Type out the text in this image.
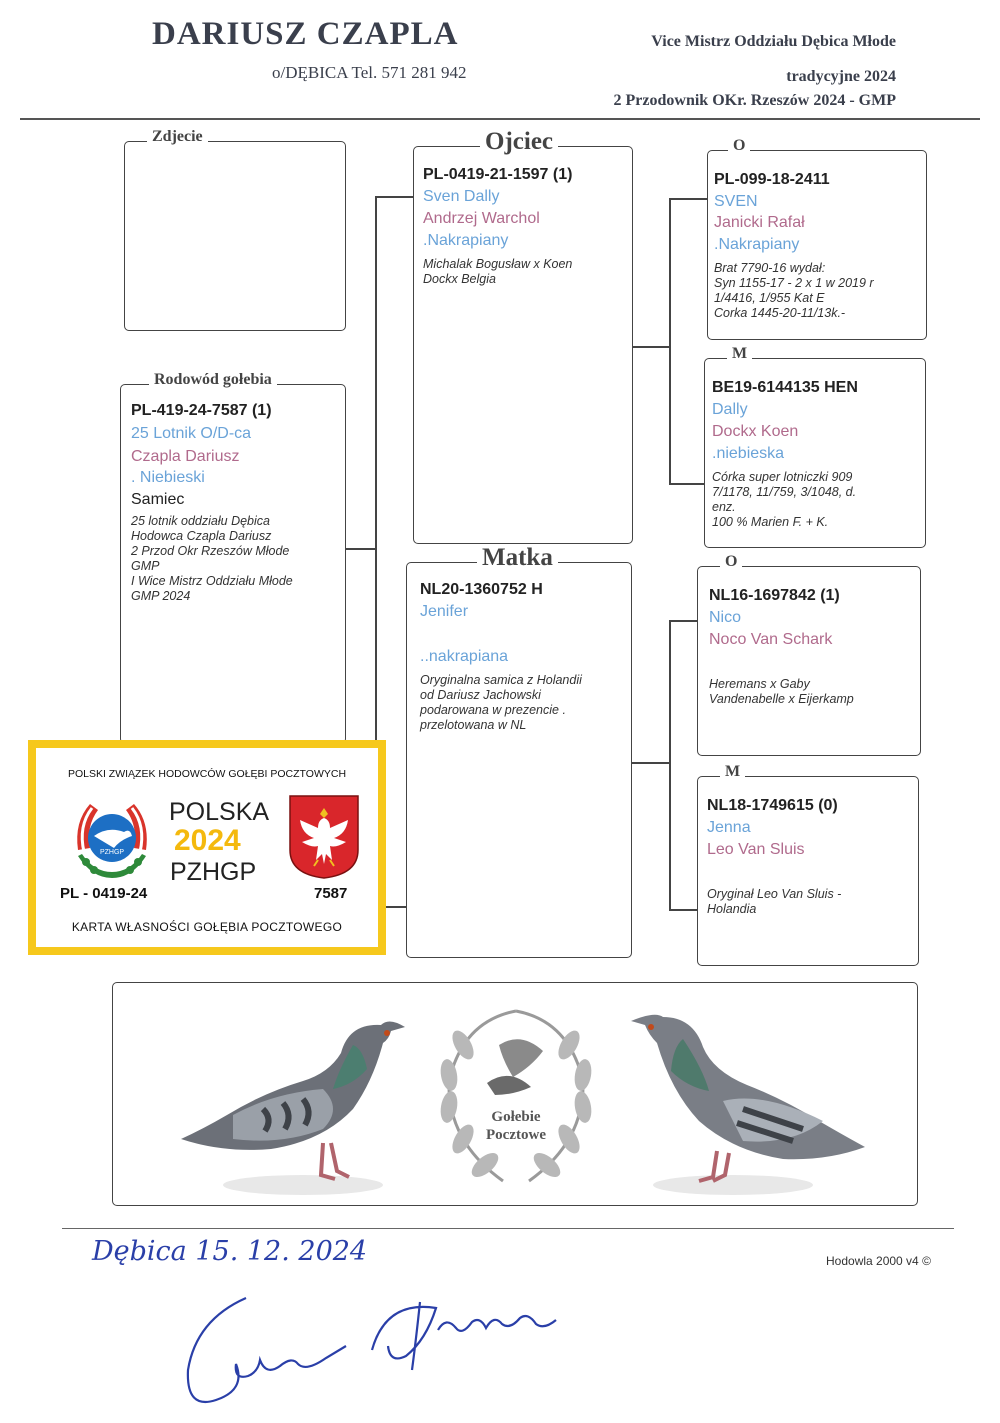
DARIUSZ CZAPLA
o/DĘBICA Tel. 571 281 942
Vice Mistrz Oddziału Dębica Młode
tradycyjne 2024
2 Przodownik OKr. Rzeszów 2024 - GMP
Zdjecie
Rodowód gołebia
PL-419-24-7587 (1)
25 Lotnik O/D-ca
Czapla Dariusz
. Niebieski
Samiec
25 lotnik oddziału Dębica
Hodowca Czapla Dariusz
2 Przod Okr Rzeszów Młode
GMP
I Wice Mistrz Oddziału Młode
GMP 2024
Ojciec
PL-0419-21-1597 (1)
Sven Dally
Andrzej Warchol
.Nakrapiany
Michalak Bogusław x Koen
Dockx Belgia
Matka
NL20-1360752 H
Jenifer
..nakrapiana
Oryginalna samica z Holandii
od Dariusz Jachowski
podarowana w prezencie .
przelotowana w NL
O
PL-099-18-2411
SVEN
Janicki Rafał
.Nakrapiany
Brat 7790-16 wydał:
Syn 1155-17 - 2 x 1 w 2019 r
1/4416, 1/955 Kat E
Corka 1445-20-11/13k.-
M
BE19-6144135 HEN
Dally
Dockx Koen
.niebieska
Córka super lotniczki 909
7/1178, 11/759, 3/1048, d.
enz.
100 % Marien F. + K.
O
NL16-1697842 (1)
Nico
Noco Van Schark
Heremans x Gaby
Vandenabelle x Eijerkamp
M
NL18-1749615 (0)
Jenna
Leo Van Sluis
Oryginał Leo Van Sluis -
Holandia
POLSKI ZWIĄZEK HODOWCÓW GOŁĘBI POCZTOWYCH
PZHGP
POLSKA
2024
PZHGP
PL - 0419-24	7587
KARTA WŁASNOŚCI GOŁĘBIA POCZTOWEGO
Gołebie
Pocztowe
Hodowla 2000 v4 ©
Dębica 15. 12. 2024
